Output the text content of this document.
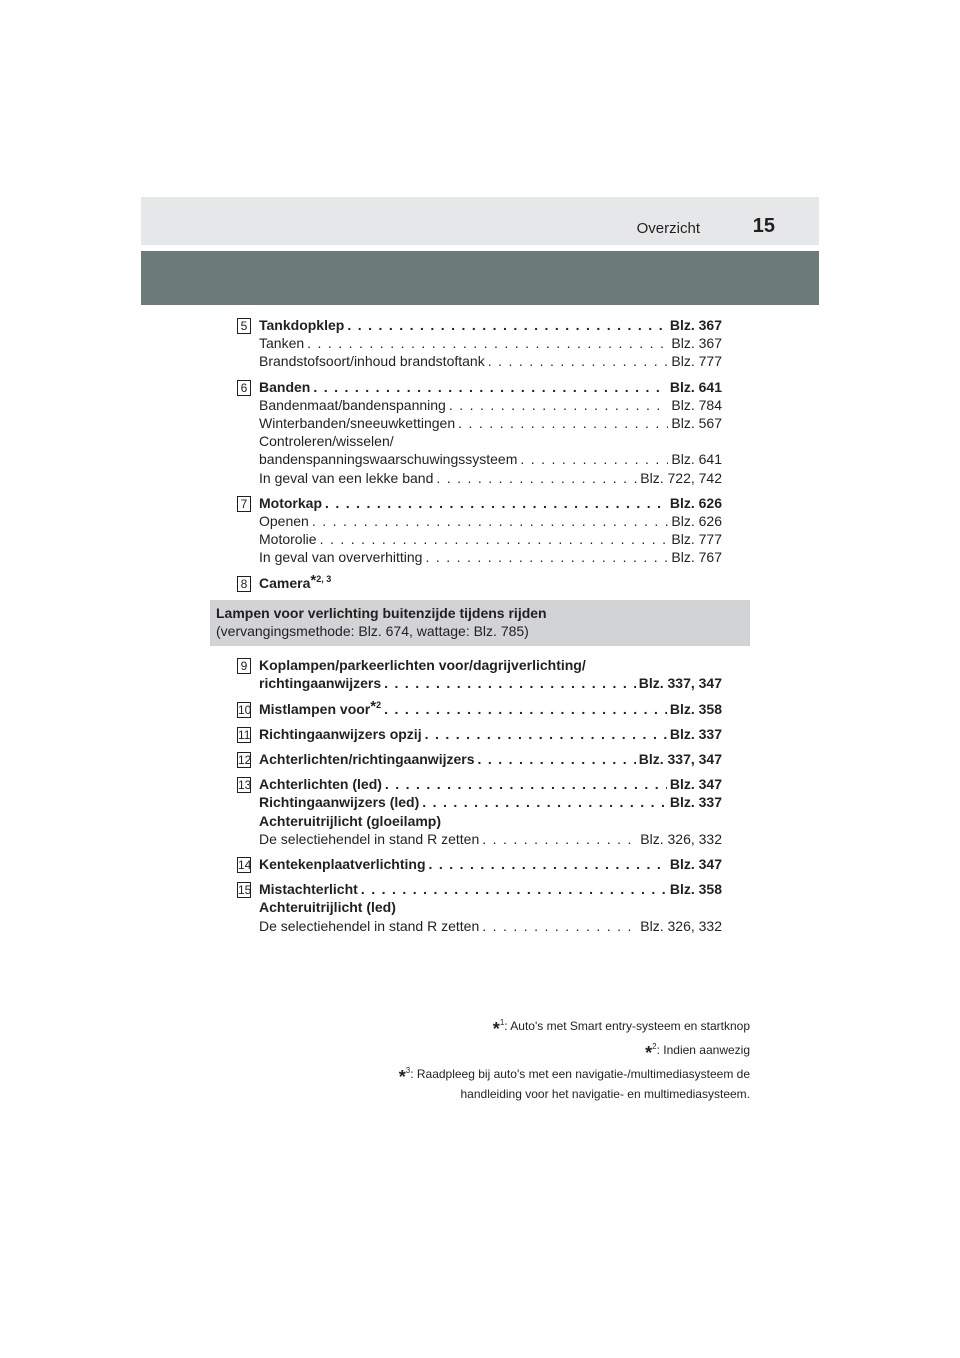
Overzicht	15
5 Tankdopklep . . .	Blz. 367
Tanken . . .	Blz. 367
Brandstofsoort/inhoud brandstoftank . . .	Blz. 777
6 Banden . . .	Blz. 641
Bandenmaat/bandenspanning . . .	Blz. 784
Winterbanden/sneeuwkettingen . . .	Blz. 567
Controleren/wisselen/
bandenspanningswaarschuwingssysteem . . .	Blz. 641
In geval van een lekke band . . .	Blz. 722, 742
7 Motorkap . . .	Blz. 626
Openen . . .	Blz. 626
Motorolie . . .	Blz. 777
In geval van oververhitting . . .	Blz. 767
8 Camera$^{*2, 3}$
Lampen voor verlichting buitenzijde tijdens rijden
(vervangingsmethode: Blz. 674, wattage: Blz. 785)
9 Koplampen/parkeerlichten voor/dagrijverlichting/
richtingaanwijzers . . .	Blz. 337, 347
10 Mistlampen voor$^{*2}$ . . .	Blz. 358
11 Richtingaanwijzers opzij . . .	Blz. 337
12 Achterlichten/richtingaanwijzers . . .	Blz. 337, 347
13 Achterlichten (led) . . .	Blz. 347
Richtingaanwijzers (led) . . .	Blz. 337
Achteruitrijlicht (gloeilamp)
De selectiehendel in stand R zetten . . .	Blz. 326, 332
14 Kentekenplaatverlichting . . .	Blz. 347
15 Mistachterlicht . . .	Blz. 358
Achteruitrijlicht (led)
De selectiehendel in stand R zetten . . .	Blz. 326, 332
*$^1$: Auto's met Smart entry-systeem en startknop
*$^2$: Indien aanwezig
*$^3$: Raadpleeg bij auto's met een navigatie-/multimediasysteem de
handleiding voor het navigatie- en multimediasysteem.
